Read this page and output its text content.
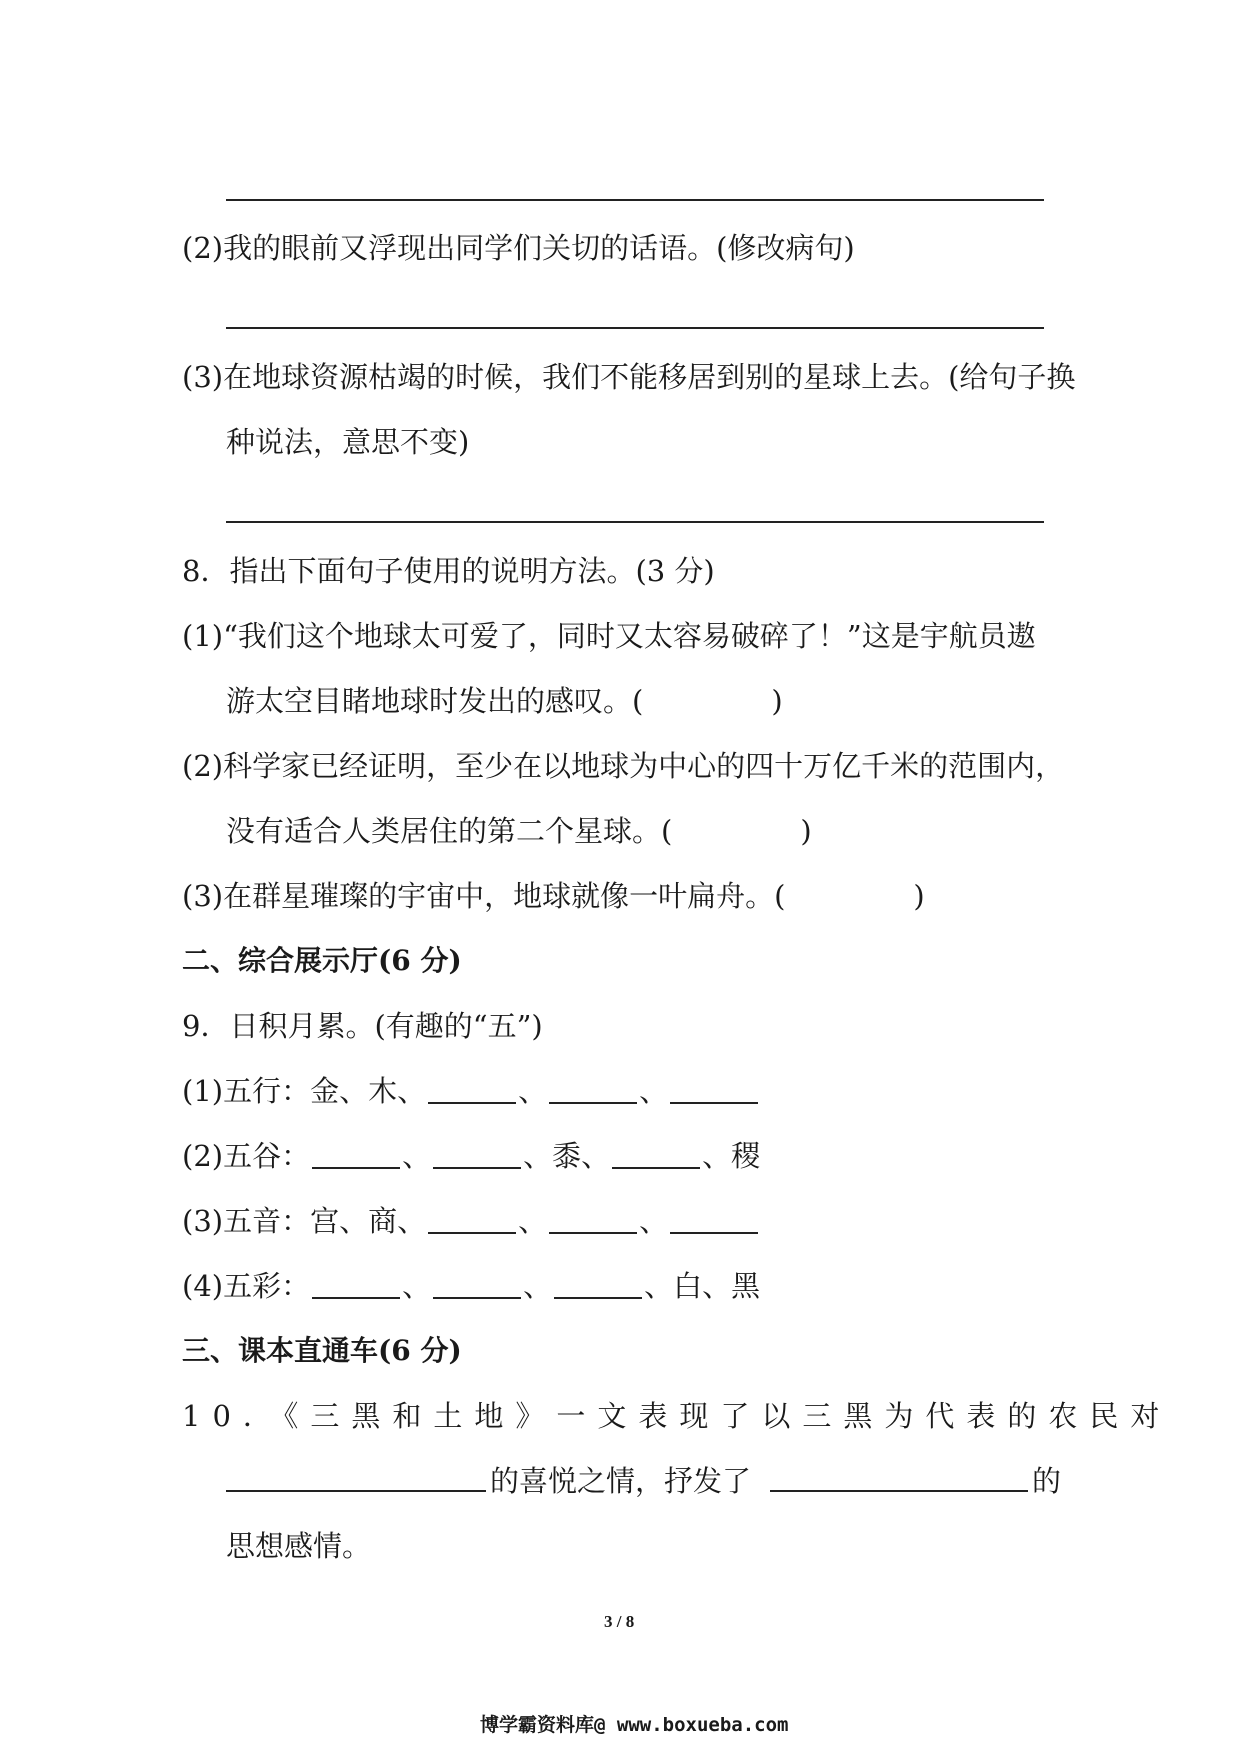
(2)我的眼前又浮现出同学们关切的话语。(修改病句)
(3)在地球资源枯竭的时候，我们不能移居到别的星球上去。(给句子换
种说法，意思不变)
8．指出下面句子使用的说明方法。(3 分)
(1)“我们这个地球太可爱了，同时又太容易破碎了！”这是宇航员遨
游太空目睹地球时发出的感叹。(	)
(2)科学家已经证明，至少在以地球为中心的四十万亿千米的范围内，
没有适合人类居住的第二个星球。(	)
(3)在群星璀璨的宇宙中，地球就像一叶扁舟。(	)
二、综合展示厅(6 分)
9．日积月累。(有趣的“五”)
(1)五行：金、木、	、	、
(2)五谷：	、	、黍、	、稷
(3)五音：宫、商、	、	、
(4)五彩：	、	、	、白、黑
三、课本直通车(6 分)
10．《三黑和土地》一文表现了以三黑为代表的农民对
的喜悦之情，抒发了	的
思想感情。
3 / 8
博学霸资料库@ www.boxueba.com
